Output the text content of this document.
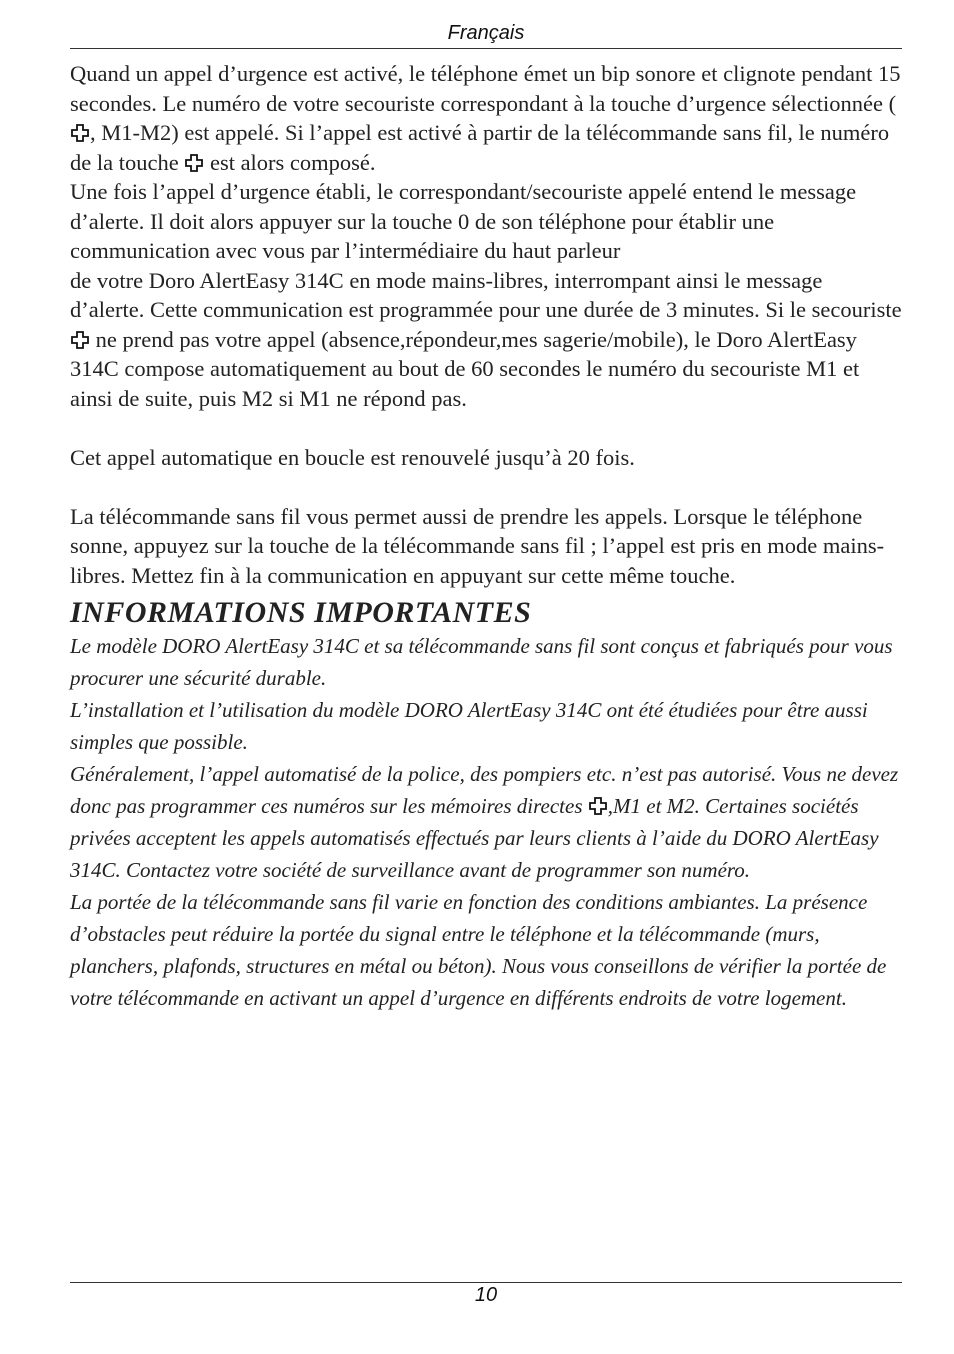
Français

Quand un appel d’urgence est activé, le téléphone émet un bip sonore et clignote pendant 15 secondes. Le numéro de votre secouriste correspondant à la touche d’urgence sélectionnée (
, M1-M2) est appelé. Si l’appel est activé à partir de la télécommande sans fil, le numéro de la touche
est alors composé.

Une fois l’appel d’urgence établi, le correspondant/secouriste appelé entend le message d’alerte. Il doit alors appuyer sur la touche 0 de son téléphone pour établir une communication avec vous par l’intermédiaire du haut parleur
de votre Doro AlertEasy 314C en mode mains-libres, interrompant ainsi le message d’alerte. Cette communication est programmée pour une durée de 3 minutes. Si le secouriste
ne prend pas votre appel (absence,répondeur,mes sagerie/mobile), le Doro AlertEasy 314C compose automatiquement au bout de 60 secondes le numéro du secouriste M1 et ainsi de suite, puis M2 si M1 ne répond pas.

Cet appel automatique en boucle est renouvelé jusqu’à 20 fois.

La télécommande sans fil vous permet aussi de prendre les appels. Lorsque le téléphone sonne, appuyez sur la touche de la télécommande sans fil ; l’appel est pris en mode mains-libres. Mettez fin à la communication en appuyant sur cette même touche.

INFORMATIONS IMPORTANTES

Le modèle DORO AlertEasy 314C et sa télécommande sans fil sont conçus et fabriqués pour vous procurer une sécurité durable.

L’installation et l’utilisation du modèle DORO AlertEasy 314C ont été étudiées pour être aussi simples que possible.

Généralement, l’appel automatisé de la police, des pompiers etc. n’est pas autorisé. Vous ne devez donc pas programmer ces numéros sur les mémoires directes
,M1 et M2. Certaines sociétés privées acceptent les appels automatisés effectués par leurs clients à l’aide du DORO AlertEasy 314C. Contactez votre société de surveillance avant de programmer son numéro.

La portée de la télécommande sans fil varie en fonction des conditions ambiantes. La présence d’obstacles peut réduire la portée du signal entre le téléphone et la télécommande (murs, planchers, plafonds, structures en métal ou béton). Nous vous conseillons de vérifier la portée de votre télécommande en activant un appel d’urgence en différents endroits de votre logement.

10
